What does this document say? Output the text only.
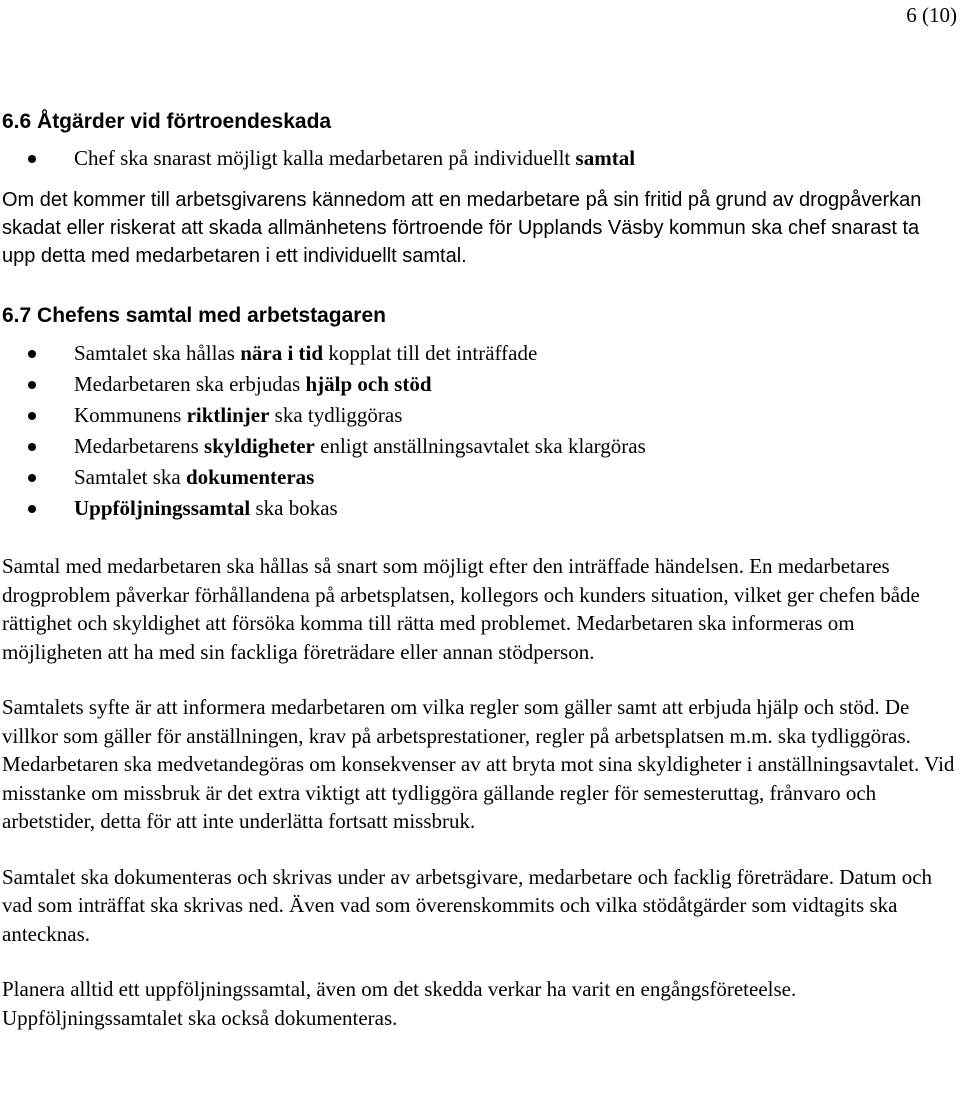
6 (10)
6.6 Åtgärder vid förtroendeskada
Chef ska snarast möjligt kalla medarbetaren på individuellt samtal

Om det kommer till arbetsgivarens kännedom att en medarbetare på sin fritid på grund av drogpåverkan skadat eller riskerat att skada allmänhetens förtroende för Upplands Väsby kommun ska chef snarast ta upp detta med medarbetaren i ett individuellt samtal.

6.7 Chefens samtal med arbetstagaren
Samtalet ska hållas nära i tid kopplat till det inträffade
Medarbetaren ska erbjudas hjälp och stöd
Kommunens riktlinjer ska tydliggöras
Medarbetarens skyldigheter enligt anställningsavtalet ska klargöras
Samtalet ska dokumenteras
Uppföljningssamtal ska bokas

Samtal med medarbetaren ska hållas så snart som möjligt efter den inträffade händelsen. En medarbetares drogproblem påverkar förhållandena på arbetsplatsen, kollegors och kunders situation, vilket ger chefen både rättighet och skyldighet att försöka komma till rätta med problemet. Medarbetaren ska informeras om möjligheten att ha med sin fackliga företrädare eller annan stödperson.

Samtalets syfte är att informera medarbetaren om vilka regler som gäller samt att erbjuda hjälp och stöd. De villkor som gäller för anställningen, krav på arbetsprestationer, regler på arbetsplatsen m.m. ska tydliggöras. Medarbetaren ska medvetandegöras om konsekvenser av att bryta mot sina skyldigheter i anställningsavtalet. Vid misstanke om missbruk är det extra viktigt att tydliggöra gällande regler för semesteruttag, frånvaro och arbetstider, detta för att inte underlätta fortsatt missbruk.

Samtalet ska dokumenteras och skrivas under av arbetsgivare, medarbetare och facklig företrädare. Datum och vad som inträffat ska skrivas ned. Även vad som överenskommits och vilka stödåtgärder som vidtagits ska antecknas.

Planera alltid ett uppföljningssamtal, även om det skedda verkar ha varit en engångsföreteelse. Uppföljningssamtalet ska också dokumenteras.
